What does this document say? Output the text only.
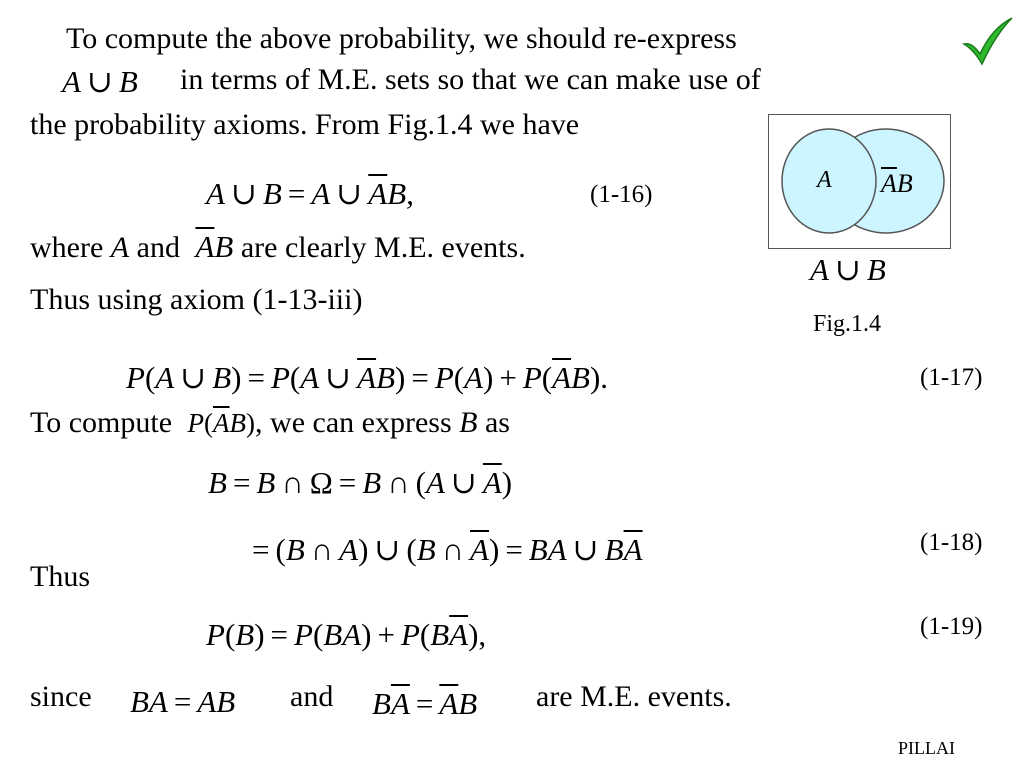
To compute the above probability, we should re-express
A ∪ B in terms of M.E. sets so that we can make use of
the probability axioms. From Fig.1.4 we have
A ∪ B = A ∪ $\overline{A}B$,	(1-16)
where A and $\overline{A}B$ are clearly M.E. events.
Thus using axiom (1-13-iii)
A $\overline{A}B$
A ∪ B
Fig.1.4
P(A ∪ B) = P(A ∪ $\overline{A}B) = P(A) + P(\overline{A}B)$.	(1-17)
To compute $P(\overline{A}B)$, we can express B as
B = B ∩ Ω = B ∩ (A ∪ $\overline{A}$)
= (B ∩ A) ∪ (B ∩ $\overline{A}$) = BA ∪ $B\overline{A}$	(1-18)
Thus
$P(B) = P(BA) + P(B\overline{A})$,	(1-19)
since BA = AB and $B\overline{A} = \overline{A}B$ are M.E. events.
PILLAI
